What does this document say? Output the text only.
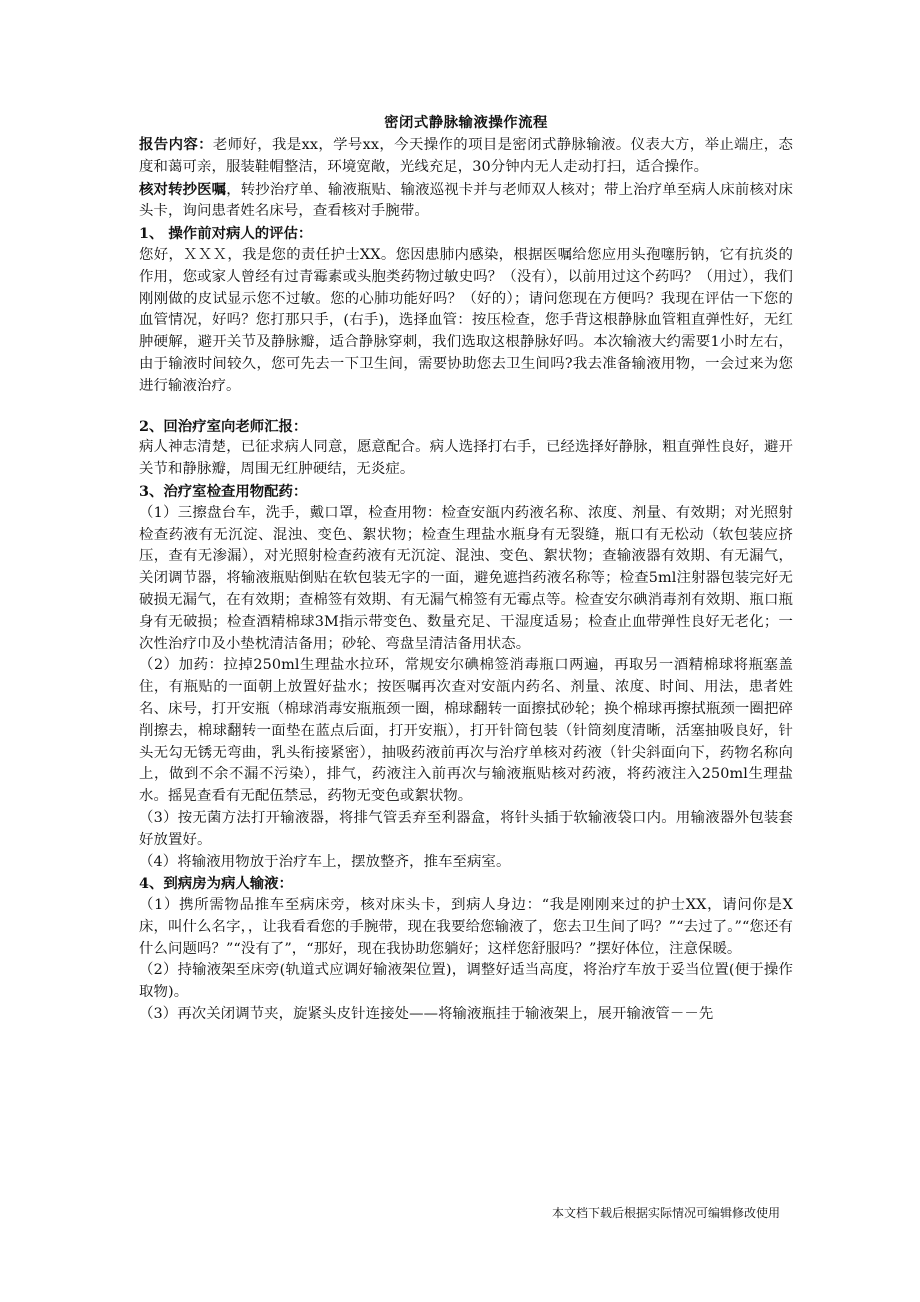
密闭式静脉输液操作流程

报告内容：老师好，我是xx，学号xx，今天操作的项目是密闭式静脉输液。仪表大方，举止端庄，态度和蔼可亲，服装鞋帽整洁，环境宽敞，光线充足，30分钟内无人走动打扫，适合操作。

核对转抄医嘱，转抄治疗单、输液瓶贴、输液巡视卡并与老师双人核对；带上治疗单至病人床前核对床头卡，询问患者姓名床号，查看核对手腕带。

1、 操作前对病人的评估：

您好，ＸＸＸ，我是您的责任护士XX。您因患肺内感染，根据医嘱给您应用头孢噻肟钠，它有抗炎的作用，您或家人曾经有过青霉素或头胞类药物过敏史吗？（没有），以前用过这个药吗？（用过），我们刚刚做的皮试显示您不过敏。您的心肺功能好吗？（好的）；请问您现在方便吗？我现在评估一下您的血管情况，好吗？您打那只手，(右手)，选择血管：按压检查，您手背这根静脉血管粗直弹性好，无红肿硬解，避开关节及静脉瓣，适合静脉穿刺，我们选取这根静脉好吗。本次输液大约需要1小时左右，由于输液时间较久，您可先去一下卫生间，需要协助您去卫生间吗?我去准备输液用物，一会过来为您进行输液治疗。

2、回治疗室向老师汇报：

病人神志清楚，已征求病人同意，愿意配合。病人选择打右手，已经选择好静脉，粗直弹性良好，避开关节和静脉瓣，周围无红肿硬结，无炎症。

3、治疗室检查用物配药：

（1）三擦盘台车，洗手，戴口罩，检查用物：检查安瓿内药液名称、浓度、剂量、有效期；对光照射检查药液有无沉淀、混浊、变色、絮状物；检查生理盐水瓶身有无裂缝，瓶口有无松动（软包装应挤压，查有无渗漏），对光照射检查药液有无沉淀、混浊、变色、絮状物；查输液器有效期、有无漏气，关闭调节器，将输液瓶贴倒贴在软包装无字的一面，避免遮挡药液名称等；检查5ml注射器包装完好无破损无漏气，在有效期；查棉签有效期、有无漏气棉签有无霉点等。检查安尔碘消毒剂有效期、瓶口瓶身有无破损；检查酒精棉球3M指示带变色、数量充足、干湿度适易；检查止血带弹性良好无老化；一次性治疗巾及小垫枕清洁备用；砂轮、弯盘呈清洁备用状态。

（2）加药：拉掉250ml生理盐水拉环，常规安尔碘棉签消毒瓶口两遍，再取另一酒精棉球将瓶塞盖住，有瓶贴的一面朝上放置好盐水；按医嘱再次查对安瓿内药名、剂量、浓度、时间、用法，患者姓名、床号，打开安瓶（棉球消毒安瓶瓶颈一圈，棉球翻转一面擦拭砂轮；换个棉球再擦拭瓶颈一圈把碎削擦去，棉球翻转一面垫在蓝点后面，打开安瓶），打开针筒包装（针筒刻度清晰，活塞抽吸良好，针头无勾无锈无弯曲，乳头衔接紧密），抽吸药液前再次与治疗单核对药液（针尖斜面向下，药物名称向上，做到不余不漏不污染），排气，药液注入前再次与输液瓶贴核对药液，将药液注入250ml生理盐水。摇晃查看有无配伍禁忌，药物无变色或絮状物。

（3）按无菌方法打开输液器，将排气管丢弃至利器盒，将针头插于软输液袋口内。用输液器外包装套好放置好。

（4）将输液用物放于治疗车上，摆放整齐，推车至病室。

4、到病房为病人输液：

（1）携所需物品推车至病床旁，核对床头卡，到病人身边：“我是刚刚来过的护士XX，请问你是X床，叫什么名字，，让我看看您的手腕带，现在我要给您输液了，您去卫生间了吗？”“去过了。”“您还有什么问题吗？”“没有了”，“那好，现在我协助您躺好；这样您舒服吗？”摆好体位，注意保暖。

（2）持输液架至床旁(轨道式应调好输液架位置)，调整好适当高度，将治疗车放于妥当位置(便于操作取物)。

（3）再次关闭调节夹，旋紧头皮针连接处——将输液瓶挂于输液架上，展开输液管－－先

本文档下载后根据实际情况可编辑修改使用
